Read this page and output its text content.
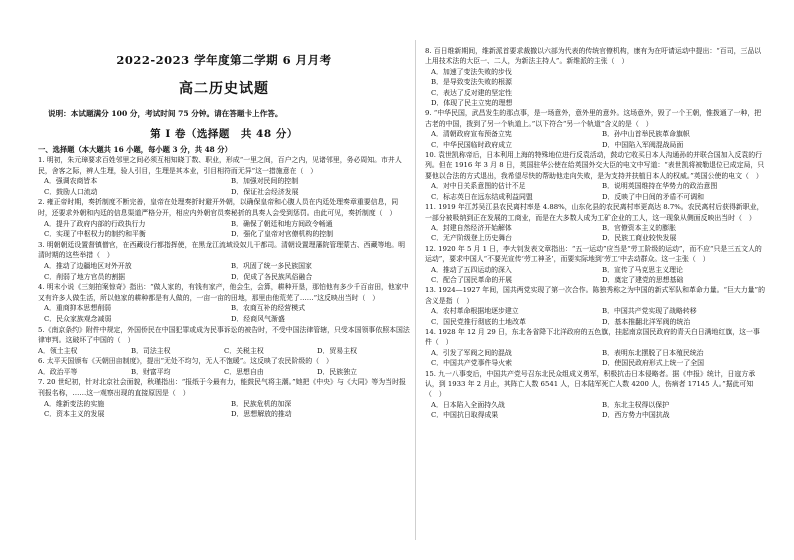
2022-2023 学年度第二学期 6 月月考
高二历史试题
说明：本试题满分 100 分，考试时间 75 分钟。请在答题卡上作答。
第 Ⅰ 卷（选择题　共 48 分）
一、选择题（本大题共 16 小题，每小题 3 分，共 48 分）

1. 明初，朱元璋要求百姓邻里之间必须互相知晓丁数、职业，形成“一里之间，百户之内，见诸邻里，务必周知。市井人民，舍客之际，辨人生理，验人引目，生理是其本业，引目相符而无异”这一措施意在（　）

A．强调农商皆本	B．加强对民间的控制
C．鼓励人口流动	D．保证社会经济发展

2. 雍正帝时期，奏折制度不断完善，皇帝在处理奏折时避开外朝，以确保皇帝和心腹人员在内廷处理奏章重要信息，同时，还要求外朝和内廷的信息渠道严格分开，相应内外朝官员奏秘折的具奏人会受到惩罚。由此可见，奏折制度（　）

A．提升了政府内部的行政执行力	B．确保了朝廷和地方间政令畅通
C．实现了中枢权力的制约和平衡	D．强化了皇帝对官僚机构的控制

3. 明朝朝廷设置督镇僧官，在西藏设行都指挥使，在黑龙江流域设奴儿干都司。清朝设置理藩院管理蒙古、西藏等地。明清时期的这些举措（　）

A．推动了边疆地区对外开放	B．巩固了统一多民族国家
C．削弱了地方官员的割据	D．促成了各民族风俗融合

4. 明末小说《三刻拍案惊奇》指出：“做人家的，有钱有家产，他会生，会算，耕种开垦，那怕他有多少千百亩田，他家中又有许多人做生活，所以他家的耕种都是有人做的，一亩一亩的田地，那里由他荒芜了……”这反映出当时（　）

A．重商抑本思想削弱	B．农商互补的经营模式
C．民众家族观念减弱	D．经商风气渐盛

5.《南京条约》附件中规定，外国侨民在中国犯罪或成为民事诉讼的被告时，不受中国法律管辖，只受本国领事依照本国法律审判。这破坏了中国的（　）

A．领土主权	B．司法主权	C．关税主权	D．贸易主权

6. 太平天国颁布《天朝田亩制度》，提出“无处不均匀，无人不饱暖”。这反映了农民阶级的（　）

A．政治平等	B．财富平均	C．思想自由	D．民族独立

7. 20 世纪初，针对北京社会面貌，秋瑾指出：“报纸于今最有力，能鼓民气将主潮。”她把《中央》与《大同》等为当时报刊报名称，……这一观察出现的直接原因是（　）

A．维新变法的实施	B．民族危机的加深
C．资本主义的发展	D．思想解放的推动

8. 百日维新期间，维新派首要求裁撤以六部为代表的传统官僚机构，康有为在吁请运动中提出：“百司，三品以上用技术法的大臣一、二人，为新法主持人”。新维派的主张（　）

A．加速了变法失败的步伐
B．是导致变法失败的根源
C．表达了反对建的坚定性
D．体现了民主立宪的理想

9. “中华民国，武昌发生的那点事，是一场意外，意外里的意外。这场意外，毁了一个王朝，惟拨通了一种，把古老的中国，拨到了另一个轨道上。”以下符合“另一个轨道”含义的是（　）

A．清朝政府宣布预备立宪	B．孙中山首举民族革命旗帜
C．中华民国临时政府成立	D．中国陷入军阀混战局面

10. 袁世凯称帝后，日本利用上海的特殊地位进行反袁活动，鼓动它收买日本人沟通孙的并联合国加入反袁的行列。但在 1916 年 3 月 8 日，英国驻华公使在给英国外交大臣的电文中写道：“表世凯将被勒退位已成定局，只要他以合法的方式退出，我希望尽快的帮助他走向失败，是为支持并扶植日本人的权威。”英国公使的电文（　）

A．对中日关系意图的估计不足	B．说明英国维持在华势力的政治意图
C．标志英日在远东结成利益同盟	D．反映了中日间的矛盾不可调和

11. 1919 年江苏吴江县农民离村率是 4.88%，山东化县的农民离村率更高达 8.7%。农民离村后获得新职业，一部分被吸纳到正在发展的工商业，而是在大多数人成为工矿企业的工人，这一现象从侧面反映出当时（　）

A．封建自然经济开始解体	B．官僚资本主义的膨胀
C．无产阶级登上历史舞台	D．民族工商业较快发展

12. 1920 年 5 月 1 日，李大钊发表文章指出：“五一运动”应当是“劳工阶级的运动”，而不应“只是三五文人的运动”，要求中国人“不要光宣传‘劳工神圣’，而要实际地到‘劳工’中去动群众。这一主张（　）

A．推动了五四运动的深入	B．宣传了马克思主义理论
C．配合了国民革命的开展	D．奠定了建党的思想基础

13. 1924—1927 年间，国共两党实现了第一次合作。陈独秀称之为中国的新式军队和革命力量。“巨大力量”的含义是指（　）

A．农村革命根据地逐步建立	B．中国共产党实现了战略转移
C．国民党推行彻底的土地改革	D．基本推翻北洋军阀的统治

14. 1928 年 12 月 29 日，东北各省降下北洋政府的五色旗，挂起南京国民政府的青天白日满地红旗，这一事件（　）

A．引发了军阀之间的混战	B．表明东北摆脱了日本殖民统治
C．中国共产党事件导火索	D．使国民政府形式上统一了全国

15. 九一八事变后，中国共产党号召东北民众组成义勇军，积极抗击日本侵略者。据《申报》统计，日寇方承认，到 1933 年 2 月止，其阵亡人数 6541 人，日本陆军死亡人数 4200 人，伤病者 17145 人。”据此可知（　）

A．日本陷入全面持久战	B．东北主权得以保护
C．中国抗日取得成果	D．西方势力中国抗战
